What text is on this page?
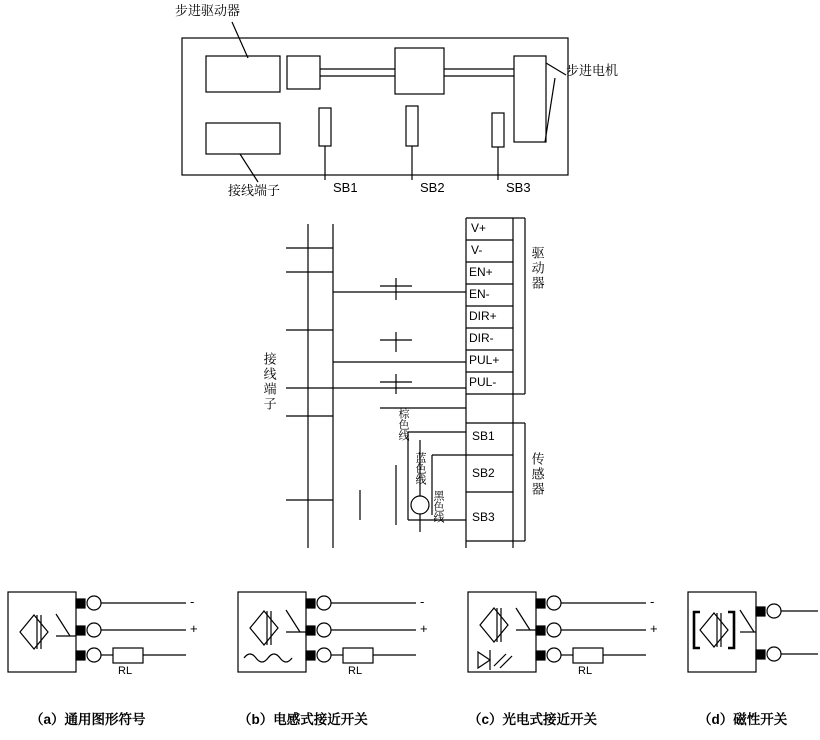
步进驱动器
步进电机
接线端子	SB1	SB2	SB3
接线端子
驱动器
传感器
V+
V-
EN+
EN-
DIR+
DIR-
PUL+
PUL-
SB1
SB2
SB3
棕色线
蓝色线
黑色线
-
+
RL
-
+
RL
-
+
RL
（a）通用图形符号	（b）电感式接近开关	（c）光电式接近开关	（d）磁性开关
